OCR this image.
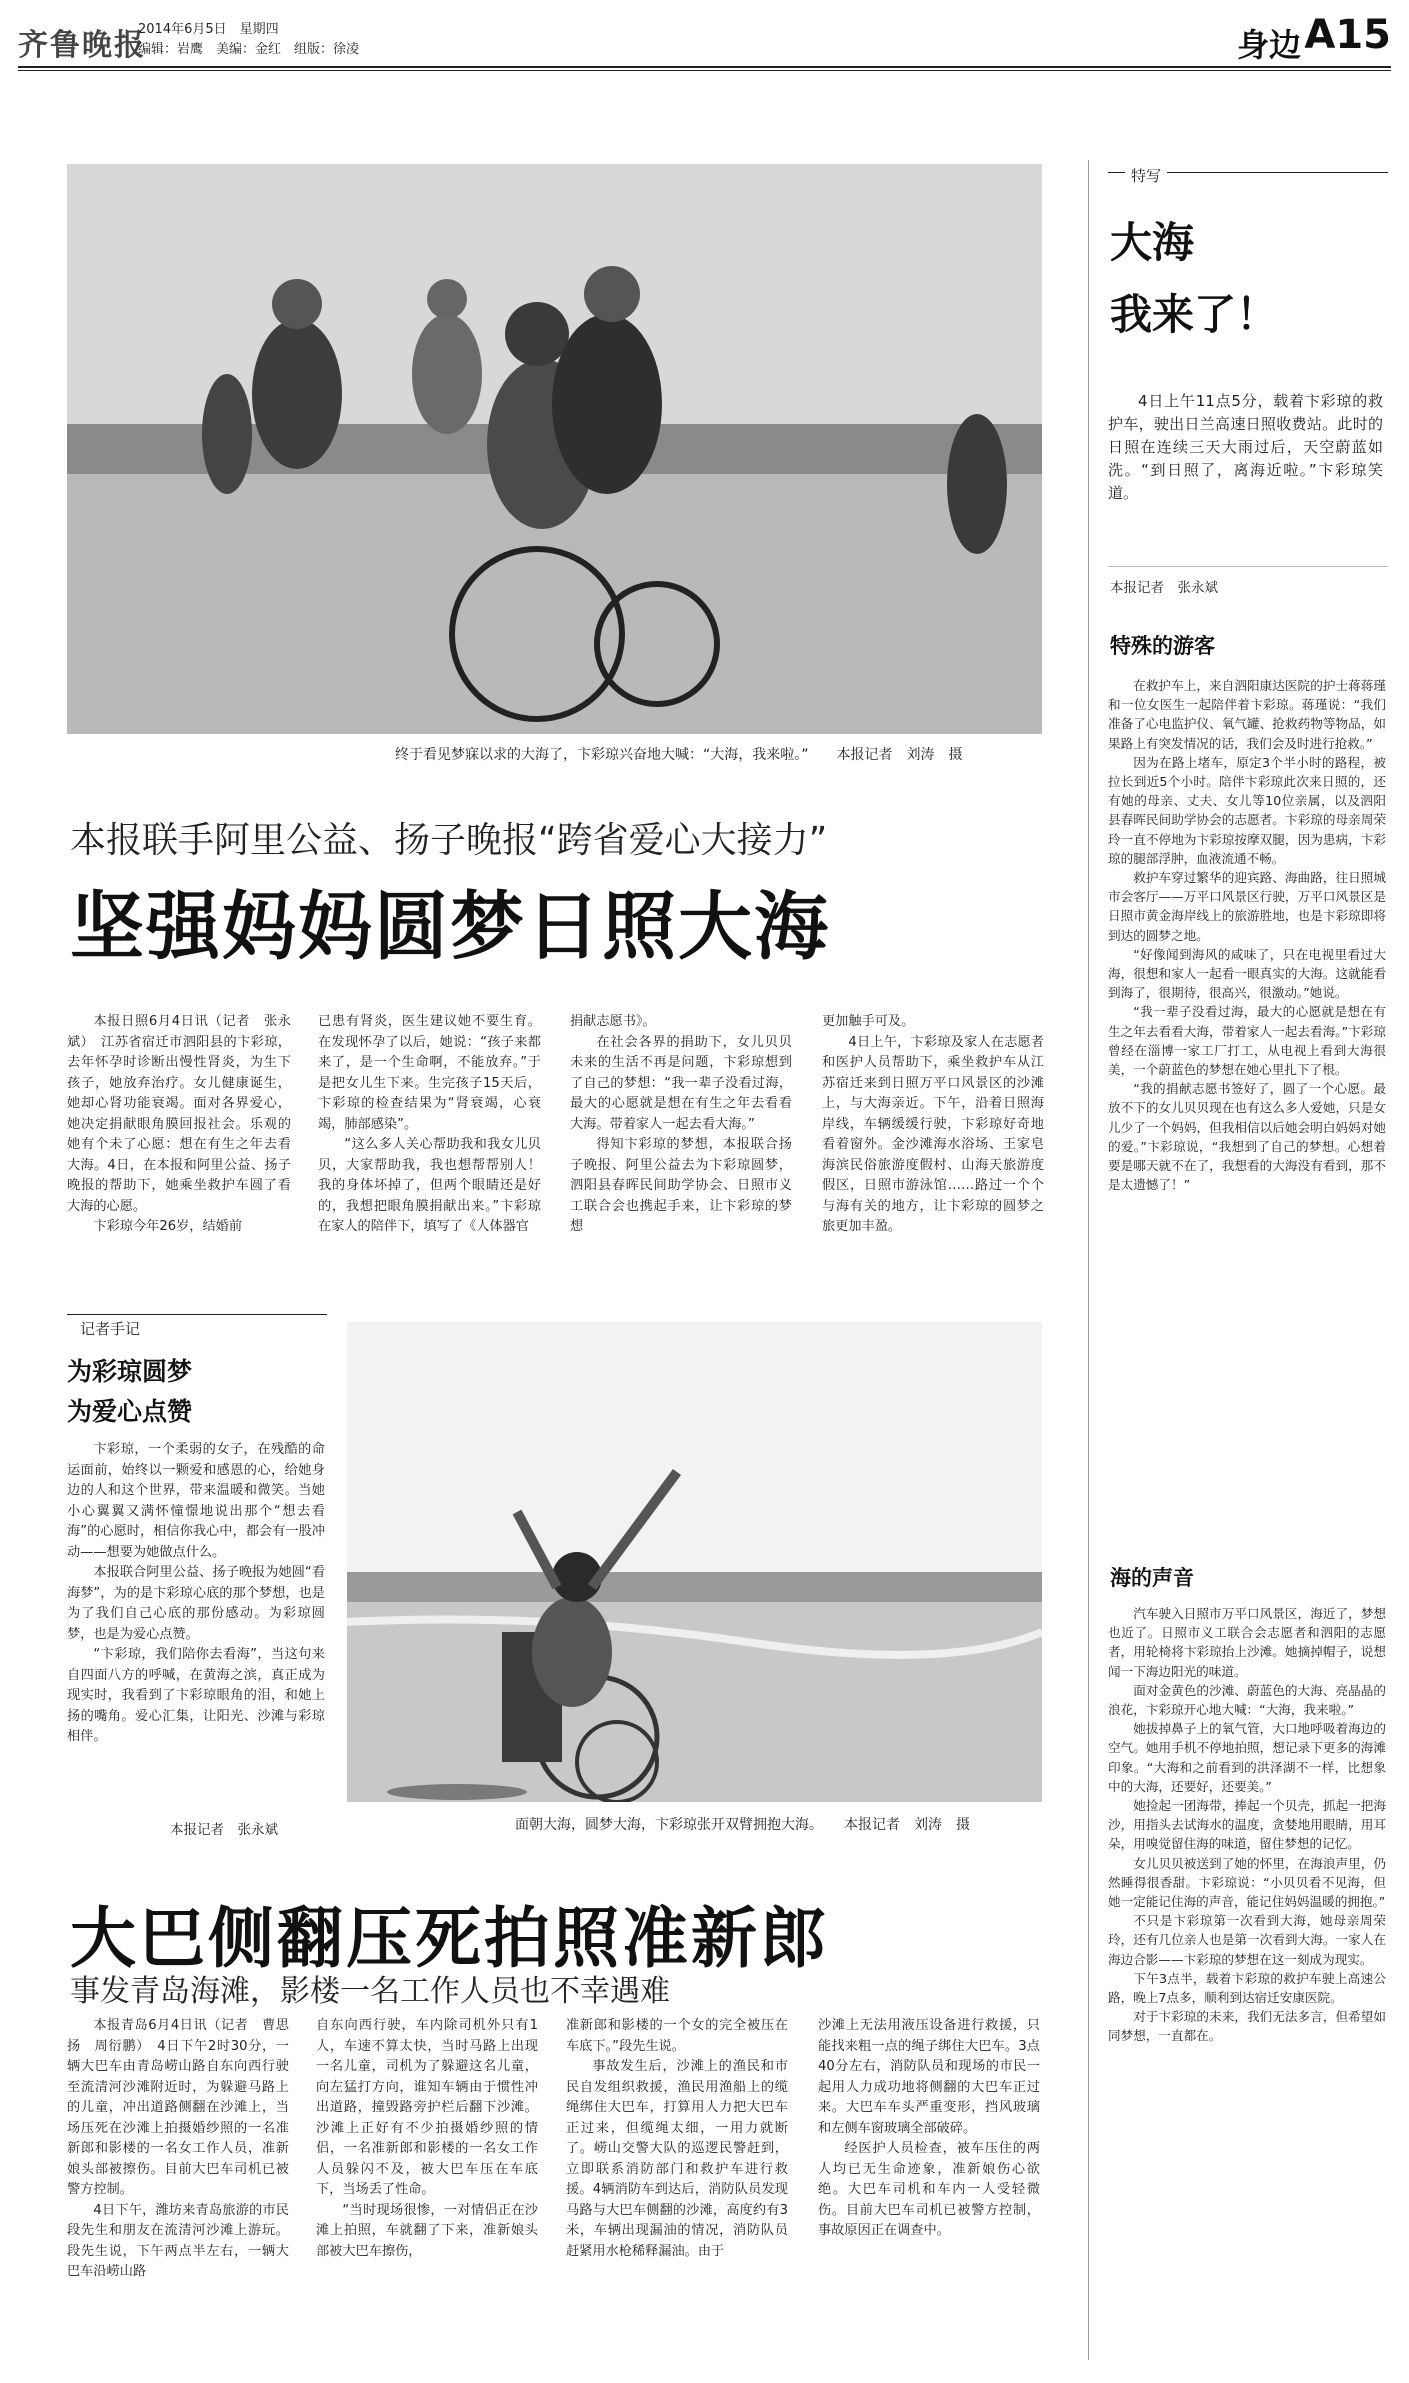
齐鲁晚报
2014年6月5日　星期四
编辑：岩鹰　美编：金红　组版：徐凌	身边 A15
终于看见梦寐以求的大海了，卞彩琼兴奋地大喊：“大海，我来啦。”　　本报记者　刘涛　摄
本报联手阿里公益、扬子晚报“跨省爱心大接力”
坚强妈妈圆梦日照大海

本报日照6月4日讯（记者　张永斌）　江苏省宿迁市泗阳县的卞彩琼，去年怀孕时诊断出慢性肾炎，为生下孩子，她放弃治疗。女儿健康诞生，她却心肾功能衰竭。面对各界爱心，她决定捐献眼角膜回报社会。乐观的她有个未了心愿：想在有生之年去看大海。4日，在本报和阿里公益、扬子晚报的帮助下，她乘坐救护车圆了看大海的心愿。

卞彩琼今年26岁，结婚前

已患有肾炎，医生建议她不要生育。在发现怀孕了以后，她说：“孩子来都来了，是一个生命啊，不能放弃。”于是把女儿生下来。生完孩子15天后，卞彩琼的检查结果为“肾衰竭，心衰竭，肺部感染”。

“这么多人关心帮助我和我女儿贝贝，大家帮助我，我也想帮帮别人！我的身体坏掉了，但两个眼睛还是好的，我想把眼角膜捐献出来。”卞彩琼在家人的陪伴下，填写了《人体器官

捐献志愿书》。

在社会各界的捐助下，女儿贝贝未来的生活不再是问题，卞彩琼想到了自己的梦想：“我一辈子没看过海，最大的心愿就是想在有生之年去看看大海。带着家人一起去看大海。”

得知卞彩琼的梦想，本报联合扬子晚报、阿里公益去为卞彩琼圆梦，泗阳县春晖民间助学协会、日照市义工联合会也携起手来，让卞彩琼的梦想

更加触手可及。

4日上午，卞彩琼及家人在志愿者和医护人员帮助下，乘坐救护车从江苏宿迁来到日照万平口风景区的沙滩上，与大海亲近。下午，沿着日照海岸线，车辆缓缓行驶，卞彩琼好奇地看着窗外。金沙滩海水浴场、王家皂海滨民俗旅游度假村、山海天旅游度假区，日照市游泳馆……路过一个个与海有关的地方，让卞彩琼的圆梦之旅更加丰盈。

记者手记
为彩琼圆梦
为爱心点赞

卞彩琼，一个柔弱的女子，在残酷的命运面前，始终以一颗爱和感恩的心，给她身边的人和这个世界，带来温暖和微笑。当她小心翼翼又满怀憧憬地说出那个“想去看海”的心愿时，相信你我心中，都会有一股冲动——想要为她做点什么。

本报联合阿里公益、扬子晚报为她圆“看海梦”，为的是卞彩琼心底的那个梦想，也是为了我们自己心底的那份感动。为彩琼圆梦，也是为爱心点赞。

“卞彩琼，我们陪你去看海”，当这句来自四面八方的呼喊，在黄海之滨，真正成为现实时，我看到了卞彩琼眼角的泪，和她上扬的嘴角。爱心汇集，让阳光、沙滩与彩琼相伴。

本报记者　张永斌	面朝大海，圆梦大海，卞彩琼张开双臂拥抱大海。　　本报记者　刘涛　摄
大巴侧翻压死拍照准新郎
事发青岛海滩，影楼一名工作人员也不幸遇难

本报青岛6月4日讯（记者　曹思扬　周衍鹏）　4日下午2时30分，一辆大巴车由青岛崂山路自东向西行驶至流清河沙滩附近时，为躲避马路上的儿童，冲出道路侧翻在沙滩上，当场压死在沙滩上拍摄婚纱照的一名准新郎和影楼的一名女工作人员，准新娘头部被擦伤。目前大巴车司机已被警方控制。

4日下午，潍坊来青岛旅游的市民段先生和朋友在流清河沙滩上游玩。段先生说，下午两点半左右，一辆大巴车沿崂山路

自东向西行驶，车内除司机外只有1人，车速不算太快，当时马路上出现一名儿童，司机为了躲避这名儿童，向左猛打方向，谁知车辆由于惯性冲出道路，撞毁路旁护栏后翻下沙滩。沙滩上正好有不少拍摄婚纱照的情侣，一名准新郎和影楼的一名女工作人员躲闪不及，被大巴车压在车底下，当场丢了性命。

“当时现场很惨，一对情侣正在沙滩上拍照，车就翻了下来，准新娘头部被大巴车擦伤，

准新郎和影楼的一个女的完全被压在车底下。”段先生说。

事故发生后，沙滩上的渔民和市民自发组织救援，渔民用渔船上的缆绳绑住大巴车，打算用人力把大巴车正过来，但缆绳太细，一用力就断了。崂山交警大队的巡逻民警赶到，立即联系消防部门和救护车进行救援。4辆消防车到达后，消防队员发现马路与大巴车侧翻的沙滩，高度约有3米，车辆出现漏油的情况，消防队员赶紧用水枪稀释漏油。由于

沙滩上无法用液压设备进行救援，只能找来粗一点的绳子绑住大巴车。3点40分左右，消防队员和现场的市民一起用人力成功地将侧翻的大巴车正过来。大巴车车头严重变形，挡风玻璃和左侧车窗玻璃全部破碎。

经医护人员检查，被车压住的两人均已无生命迹象，准新娘伤心欲绝。大巴车司机和车内一人受轻微伤。目前大巴车司机已被警方控制，事故原因正在调查中。

特写
大海
我来了！
4日上午11点5分，载着卞彩琼的救护车，驶出日兰高速日照收费站。此时的日照在连续三天大雨过后，天空蔚蓝如洗。“到日照了，离海近啦。”卞彩琼笑道。
本报记者　张永斌
特殊的游客

在救护车上，来自泗阳康达医院的护士蒋蒋瑾和一位女医生一起陪伴着卞彩琼。蒋瑾说：“我们准备了心电监护仪、氧气罐、抢救药物等物品，如果路上有突发情况的话，我们会及时进行抢救。”

因为在路上堵车，原定3个半小时的路程，被拉长到近5个小时。陪伴卞彩琼此次来日照的，还有她的母亲、丈夫、女儿等10位亲属，以及泗阳县春晖民间助学协会的志愿者。卞彩琼的母亲周荣玲一直不停地为卞彩琼按摩双腿，因为患病，卞彩琼的腿部浮肿，血液流通不畅。

救护车穿过繁华的迎宾路、海曲路，往日照城市会客厅——万平口风景区行驶，万平口风景区是日照市黄金海岸线上的旅游胜地，也是卞彩琼即将到达的圆梦之地。

“好像闻到海风的咸味了，只在电视里看过大海，很想和家人一起看一眼真实的大海。这就能看到海了，很期待，很高兴，很激动。”她说。

“我一辈子没看过海，最大的心愿就是想在有生之年去看看大海，带着家人一起去看海。”卞彩琼曾经在淄博一家工厂打工，从电视上看到大海很美，一个蔚蓝色的梦想在她心里扎下了根。

“我的捐献志愿书签好了，圆了一个心愿。最放不下的女儿贝贝现在也有这么多人爱她，只是女儿少了一个妈妈，但我相信以后她会明白妈妈对她的爱。”卞彩琼说，“我想到了自己的梦想。心想着要是哪天就不在了，我想看的大海没有看到，那不是太遗憾了！”

海的声音

汽车驶入日照市万平口风景区，海近了，梦想也近了。日照市义工联合会志愿者和泗阳的志愿者，用轮椅将卞彩琼抬上沙滩。她摘掉帽子，说想闻一下海边阳光的味道。

面对金黄色的沙滩、蔚蓝色的大海、亮晶晶的浪花，卞彩琼开心地大喊：“大海，我来啦。”

她拔掉鼻子上的氧气管，大口地呼吸着海边的空气。她用手机不停地拍照，想记录下更多的海滩印象。“大海和之前看到的洪泽湖不一样，比想象中的大海，还要好，还要美。”

她捡起一团海带，捧起一个贝壳，抓起一把海沙，用指头去试海水的温度，贪婪地用眼睛，用耳朵，用嗅觉留住海的味道，留住梦想的记忆。

女儿贝贝被送到了她的怀里，在海浪声里，仍然睡得很香甜。卞彩琼说：“小贝贝看不见海，但她一定能记住海的声音，能记住妈妈温暖的拥抱。”

不只是卞彩琼第一次看到大海，她母亲周荣玲，还有几位亲人也是第一次看到大海。一家人在海边合影——卞彩琼的梦想在这一刻成为现实。

下午3点半，载着卞彩琼的救护车驶上高速公路，晚上7点多，顺利到达宿迁安康医院。

对于卞彩琼的未来，我们无法多言，但希望如同梦想，一直都在。
